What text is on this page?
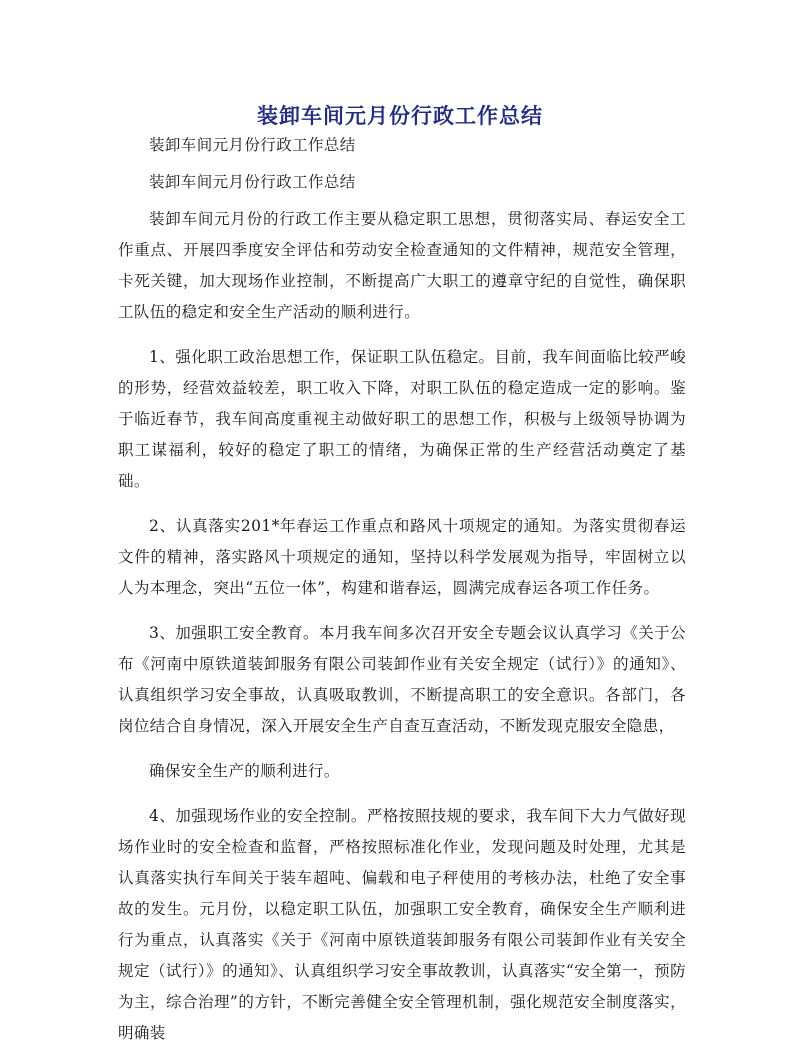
装卸车间元月份行政工作总结

装卸车间元月份行政工作总结

装卸车间元月份行政工作总结

装卸车间元月份的行政工作主要从稳定职工思想，贯彻落实局、春运安全工作重点、开展四季度安全评估和劳动安全检查通知的文件精神，规范安全管理，卡死关键，加大现场作业控制，不断提高广大职工的遵章守纪的自觉性，确保职工队伍的稳定和安全生产活动的顺利进行。

1、强化职工政治思想工作，保证职工队伍稳定。目前，我车间面临比较严峻的形势，经营效益较差，职工收入下降，对职工队伍的稳定造成一定的影响。鉴于临近春节，我车间高度重视主动做好职工的思想工作，积极与上级领导协调为职工谋福利，较好的稳定了职工的情绪，为确保正常的生产经营活动奠定了基础。

2、认真落实201*年春运工作重点和路风十项规定的通知。为落实贯彻春运文件的精神，落实路风十项规定的通知，坚持以科学发展观为指导，牢固树立以人为本理念，突出“五位一体”，构建和谐春运，圆满完成春运各项工作任务。

3、加强职工安全教育。本月我车间多次召开安全专题会议认真学习《关于公布《河南中原铁道装卸服务有限公司装卸作业有关安全规定（试行）》的通知》、认真组织学习安全事故，认真吸取教训，不断提高职工的安全意识。各部门，各岗位结合自身情况，深入开展安全生产自查互查活动，不断发现克服安全隐患，

确保安全生产的顺利进行。

4、加强现场作业的安全控制。严格按照技规的要求，我车间下大力气做好现场作业时的安全检查和监督，严格按照标准化作业，发现问题及时处理，尤其是认真落实执行车间关于装车超吨、偏载和电子秤使用的考核办法，杜绝了安全事故的发生。元月份，以稳定职工队伍，加强职工安全教育，确保安全生产顺利进行为重点，认真落实《关于《河南中原铁道装卸服务有限公司装卸作业有关安全规定（试行）》的通知》、认真组织学习安全事故教训，认真落实“安全第一，预防为主，综合治理”的方针，不断完善健全安全管理机制，强化规范安全制度落实，明确装
